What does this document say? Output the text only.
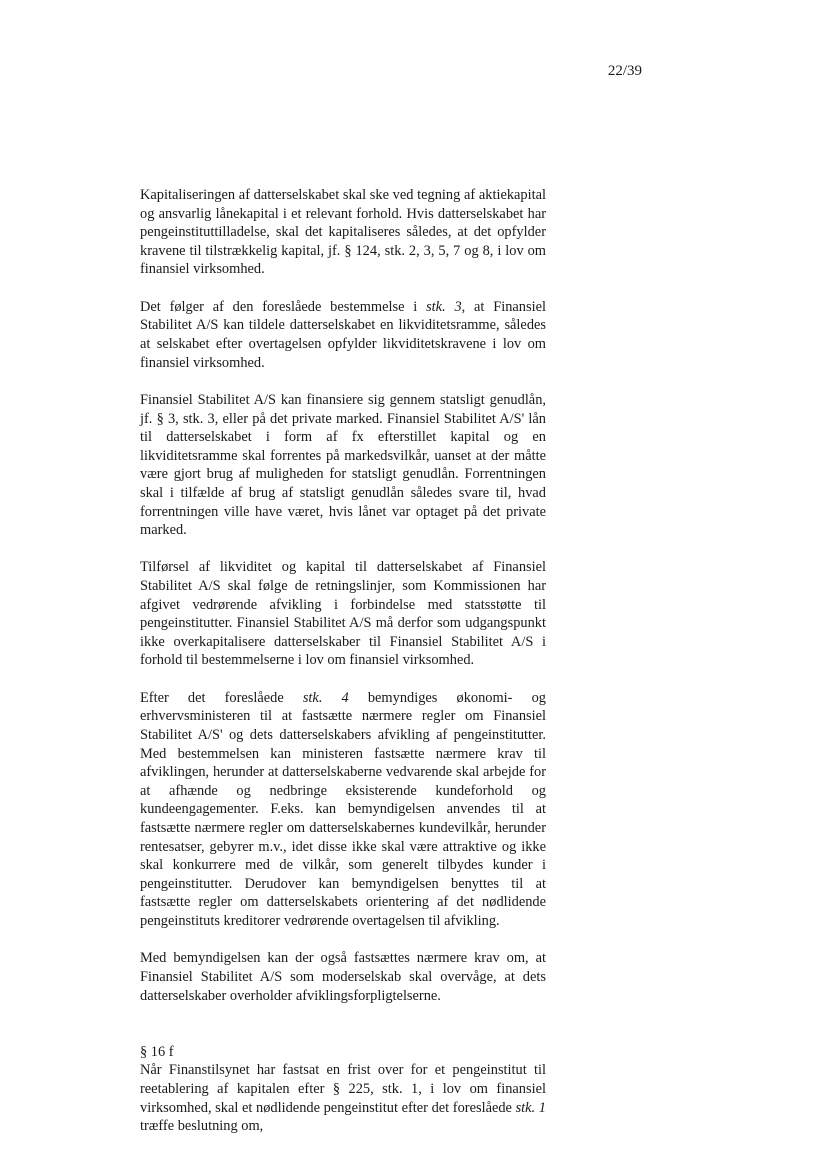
22/39

Kapitaliseringen af datterselskabet skal ske ved tegning af aktiekapital og ansvarlig lånekapital i et relevant forhold. Hvis datterselskabet har pengeinstituttilladelse, skal det kapitaliseres således, at det opfylder kravene til tilstrækkelig kapital, jf. § 124, stk. 2, 3, 5, 7 og 8, i lov om finansiel virksomhed.

Det følger af den foreslåede bestemmelse i stk. 3, at Finansiel Stabilitet A/S kan tildele datterselskabet en likviditetsramme, således at selskabet efter overtagelsen opfylder likviditetskravene i lov om finansiel virksomhed.

Finansiel Stabilitet A/S kan finansiere sig gennem statsligt genudlån, jf. § 3, stk. 3, eller på det private marked. Finansiel Stabilitet A/S' lån til datterselskabet i form af fx efterstillet kapital og en likviditetsramme skal forrentes på markedsvilkår, uanset at der måtte være gjort brug af muligheden for statsligt genudlån. Forrentningen skal i tilfælde af brug af statsligt genudlån således svare til, hvad forrentningen ville have været, hvis lånet var optaget på det private marked.

Tilførsel af likviditet og kapital til datterselskabet af Finansiel Stabilitet A/S skal følge de retningslinjer, som Kommissionen har afgivet vedrørende afvikling i forbindelse med statsstøtte til pengeinstitutter. Finansiel Stabilitet A/S må derfor som udgangspunkt ikke overkapitalisere datterselskaber til Finansiel Stabilitet A/S i forhold til bestemmelserne i lov om finansiel virksomhed.

Efter det foreslåede stk. 4 bemyndiges økonomi- og erhvervsministeren til at fastsætte nærmere regler om Finansiel Stabilitet A/S' og dets datterselskabers afvikling af pengeinstitutter. Med bestemmelsen kan ministeren fastsætte nærmere krav til afviklingen, herunder at datterselskaberne vedvarende skal arbejde for at afhænde og nedbringe eksisterende kundeforhold og kundeengagementer. F.eks. kan bemyndigelsen anvendes til at fastsætte nærmere regler om datterselskabernes kundevilkår, herunder rentesatser, gebyrer m.v., idet disse ikke skal være attraktive og ikke skal konkurrere med de vilkår, som generelt tilbydes kunder i pengeinstitutter. Derudover kan bemyndigelsen benyttes til at fastsætte regler om datterselskabets orientering af det nødlidende pengeinstituts kreditorer vedrørende overtagelsen til afvikling.

Med bemyndigelsen kan der også fastsættes nærmere krav om, at Finansiel Stabilitet A/S som moderselskab skal overvåge, at dets datterselskaber overholder afviklingsforpligtelserne.

§ 16 f

Når Finanstilsynet har fastsat en frist over for et pengeinstitut til reetablering af kapitalen efter § 225, stk. 1, i lov om finansiel virksomhed, skal et nødlidende pengeinstitut efter det foreslåede stk. 1 træffe beslutning om,
